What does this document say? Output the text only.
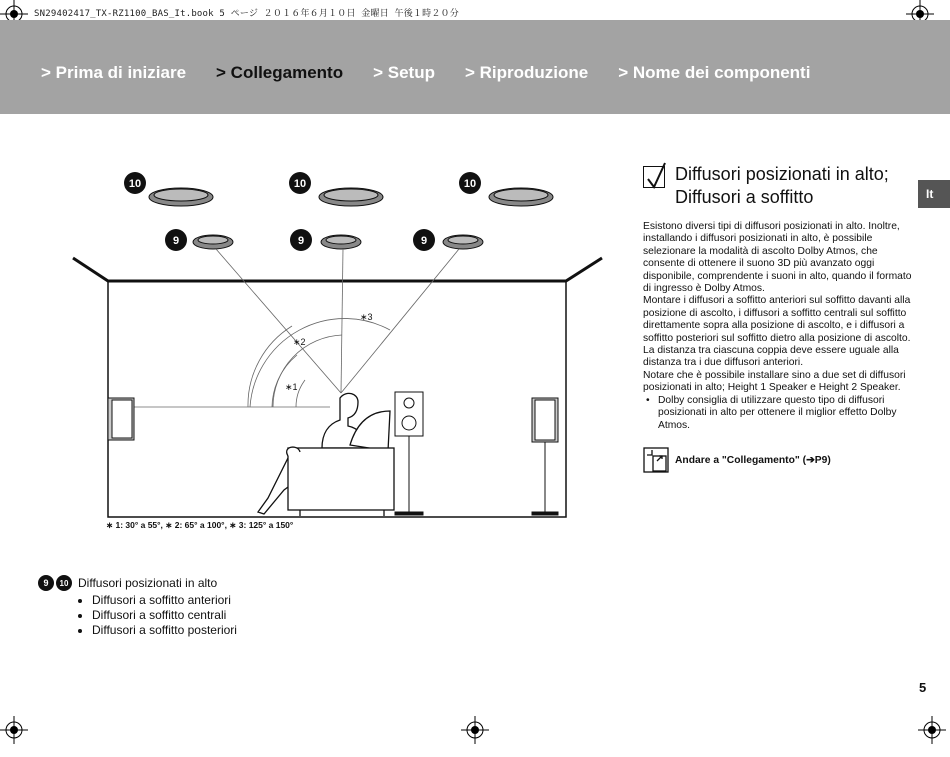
SN29402417_TX-RZ1100_BAS_It.book 5 ページ ２０１６年６月１０日 金曜日 午後１時２０分
> Prima di iniziare > Collegamento > Setup > Riproduzione > Nome dei componenti
It
10	10	10
9	9	9
∗1
∗2
∗3
∗ 1: 30° a 55°, ∗ 2: 65° a 100°, ∗ 3: 125° a 150°
9	10 Diffusori posizionati in alto
• Diffusori a soffitto anteriori
• Diffusori a soffitto centrali
• Diffusori a soffitto posteriori
Diffusori posizionati in alto;
Diffusori a soffitto

Esistono diversi tipi di diffusori posizionati in alto. Inoltre, installando i diffusori posizionati in alto, è possibile selezionare la modalità di ascolto Dolby Atmos, che consente di ottenere il suono 3D più avanzato oggi disponibile, comprendente i suoni in alto, quando il formato di ingresso è Dolby Atmos.

Montare i diffusori a soffitto anteriori sul soffitto davanti alla posizione di ascolto, i diffusori a soffitto centrali sul soffitto direttamente sopra alla posizione di ascolto, e i diffusori a soffitto posteriori sul soffitto dietro alla posizione di ascolto. La distanza tra ciascuna coppia deve essere uguale alla distanza tra i due diffusori anteriori.

Notare che è possibile installare sino a due set di diffusori posizionati in alto; Height 1 Speaker e Height 2 Speaker.

• Dolby consiglia di utilizzare questo tipo di diffusori posizionati in alto per ottenere il miglior effetto Dolby Atmos.
Andare a "Collegamento" ( ➔ P9 )
5
